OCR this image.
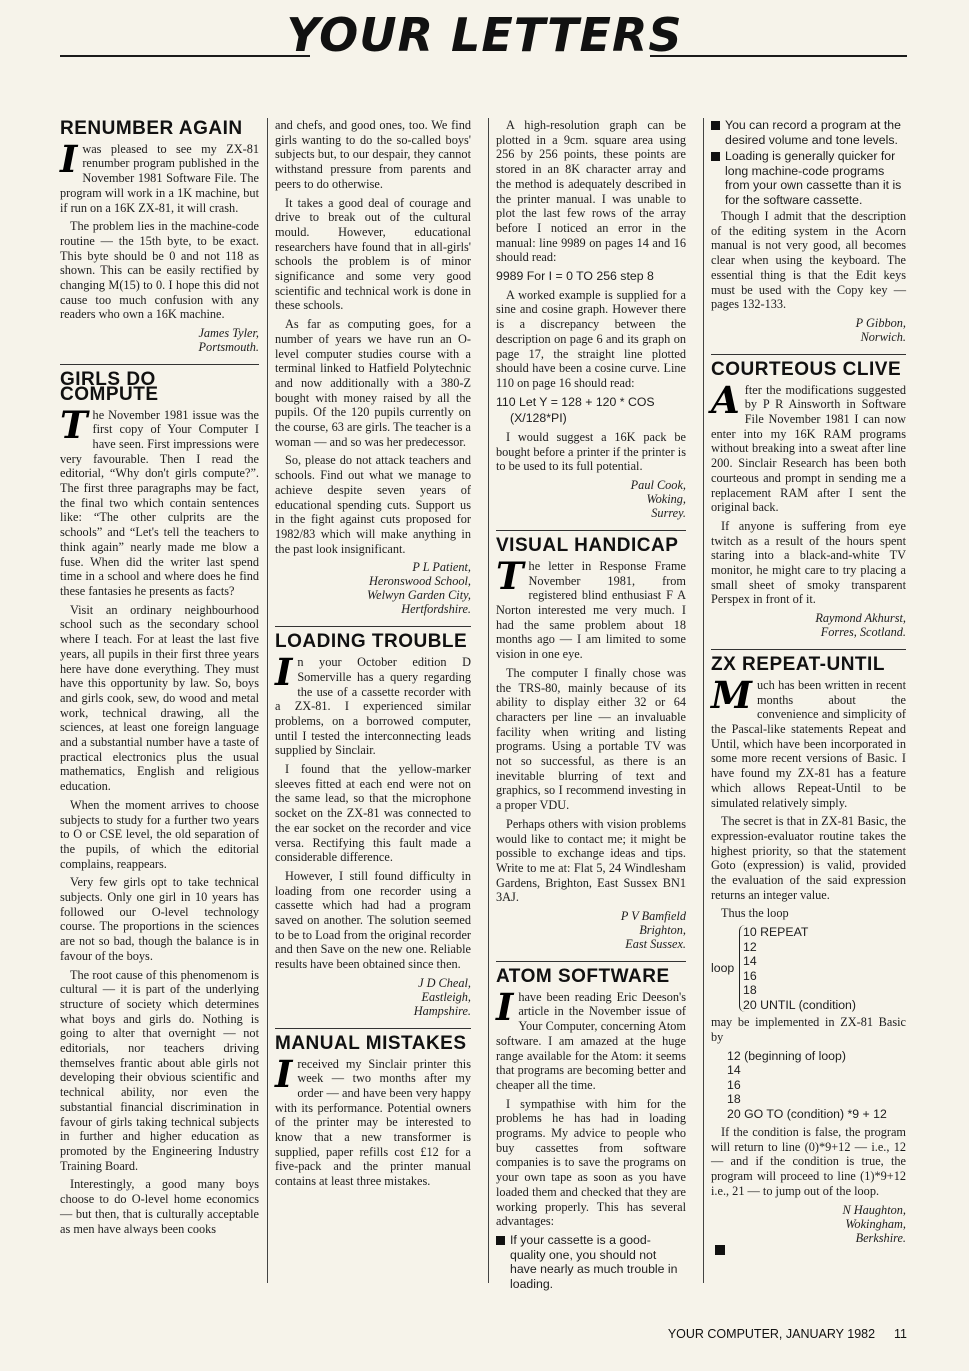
YOUR LETTERS
RENUMBER AGAIN
I was pleased to see my ZX-81 renumber program published in the November 1981 Software File. The program will work in a 1K machine, but if run on a 16K ZX-81, it will crash.

The problem lies in the machine-code routine — the 15th byte, to be exact. This byte should be 0 and not 118 as shown. This can be easily rectified by changing M(15) to 0. I hope this did not cause too much confusion with any readers who own a 16K machine.

James Tyler,
Portsmouth.
GIRLS DO COMPUTE
T he November 1981 issue was the first copy of Your Computer I have seen. First impressions were very favourable. Then I read the editorial, “Why don't girls compute?”. The first three paragraphs may be fact, the final two which contain sentences like: “The other culprits are the schools” and “Let's tell the teachers to think again” nearly made me blow a fuse. When did the writer last spend time in a school and where does he find these fantasies he presents as facts?

Visit an ordinary neighbourhood school such as the secondary school where I teach. For at least the last five years, all pupils in their first three years here have done everything. They must have this opportunity by law. So, boys and girls cook, sew, do wood and metal work, technical drawing, all the sciences, at least one foreign language and a substantial number have a taste of practical electronics plus the usual mathematics, English and religious education.

When the moment arrives to choose subjects to study for a further two years to O or CSE level, the old separation of the pupils, of which the editorial complains, reappears.

Very few girls opt to take technical subjects. Only one girl in 10 years has followed our O-level technology course. The proportions in the sciences are not so bad, though the balance is in favour of the boys.

The root cause of this phenomenom is cultural — it is part of the underlying structure of society which determines what boys and girls do. Nothing is going to alter that overnight — not editorials, nor teachers driving themselves frantic about able girls not developing their obvious scientific and technical ability, nor even the substantial financial discrimination in favour of girls taking technical subjects in further and higher education as promoted by the Engineering Industry Training Board.

Interestingly, a good many boys choose to do O-level home economics — but then, that is culturally acceptable as men have always been cooks

and chefs, and good ones, too. We find girls wanting to do the so-called boys' subjects but, to our despair, they cannot withstand pressure from parents and peers to do otherwise.

It takes a good deal of courage and drive to break out of the cultural mould. However, educational researchers have found that in all-girls' schools the problem is of minor significance and some very good scientific and technical work is done in these schools.

As far as computing goes, for a number of years we have run an O-level computer studies course with a terminal linked to Hatfield Polytechnic and now additionally with a 380-Z bought with money raised by all the pupils. Of the 120 pupils currently on the course, 63 are girls. The teacher is a woman — and so was her predecessor.

So, please do not attack teachers and schools. Find out what we manage to achieve despite seven years of educational spending cuts. Support us in the fight against cuts proposed for 1982/83 which will make anything in the past look insignificant.

P L Patient,
Heronswood School,
Welwyn Garden City,
Hertfordshire.
LOADING TROUBLE
I n your October edition D Somerville has a query regarding the use of a cassette recorder with a ZX-81. I experienced similar problems, on a borrowed computer, until I tested the interconnecting leads supplied by Sinclair.

I found that the yellow-marker sleeves fitted at each end were not on the same lead, so that the microphone socket on the ZX-81 was connected to the ear socket on the recorder and vice versa. Rectifying this fault made a considerable difference.

However, I still found difficulty in loading from one recorder using a cassette which had had a program saved on another. The solution seemed to be to Load from the original recorder and then Save on the new one. Reliable results have been obtained since then.

J D Cheal,
Eastleigh,
Hampshire.
MANUAL MISTAKES
I received my Sinclair printer this week — two months after my order — and have been very happy with its performance. Potential owners of the printer may be interested to know that a new transformer is supplied, paper refills cost £12 for a five-pack and the printer manual contains at least three mistakes.

A high-resolution graph can be plotted in a 9cm. square area using 256 by 256 points, these points are stored in an 8K character array and the method is adequately described in the printer manual. I was unable to plot the last few rows of the array before I noticed an error in the manual: line 9989 on pages 14 and 16 should read:

9989 For I = 0 TO 256 step 8

A worked example is supplied for a sine and cosine graph. However there is a discrepancy between the description on page 6 and its graph on page 17, the straight line plotted should have been a cosine curve. Line 110 on page 16 should read:

110 Let Y = 128 + 120 * COS
(X/128*PI)

I would suggest a 16K pack be bought before a printer if the printer is to be used to its full potential.

Paul Cook,
Woking,
Surrey.
VISUAL HANDICAP
T he letter in Response Frame November 1981, from registered blind enthusiast F A Norton interested me very much. I had the same problem about 18 months ago — I am limited to some vision in one eye.

The computer I finally chose was the TRS-80, mainly because of its ability to display either 32 or 64 characters per line — an invaluable facility when writing and listing programs. Using a portable TV was not so successful, as there is an inevitable blurring of text and graphics, so I recommend investing in a proper VDU.

Perhaps others with vision problems would like to contact me; it might be possible to exchange ideas and tips. Write to me at: Flat 5, 24 Windlesham Gardens, Brighton, East Sussex BN1 3AJ.

P V Bamfield
Brighton,
East Sussex.
ATOM SOFTWARE
I have been reading Eric Deeson's article in the November issue of Your Computer, concerning Atom software. I am amazed at the huge range available for the Atom: it seems that programs are becoming better and cheaper all the time.

I sympathise with him for the problems he has had in loading programs. My advice to people who buy cassettes from software companies is to save the programs on your own tape as soon as you have loaded them and checked that they are working properly. This has several advantages:

If your cassette is a good-quality one, you should not have nearly as much trouble in loading.
You can record a program at the desired volume and tone levels.
Loading is generally quicker for long machine-code programs from your own cassette than it is for the software cassette.

Though I admit that the description of the editing system in the Acorn manual is not very good, all becomes clear when using the keyboard. The essential thing is that the Edit keys must be used with the Copy key — pages 132-133.

P Gibbon,
Norwich.
COURTEOUS CLIVE
A fter the modifications suggested by P R Ainsworth in Software File November 1981 I can now enter into my 16K RAM programs without breaking into a sweat after line 200. Sinclair Research has been both courteous and prompt in sending me a replacement RAM after I sent the original back.

If anyone is suffering from eye twitch as a result of the hours spent staring into a black-and-white TV monitor, he might care to try placing a small sheet of smoky transparent Perspex in front of it.

Raymond Akhurst,
Forres, Scotland.
ZX REPEAT-UNTIL
M uch has been written in recent months about the convenience and simplicity of the Pascal-like statements Repeat and Until, which have been incorporated in some more recent versions of Basic. I have found my ZX-81 has a feature which allows Repeat-Until to be simulated relatively simply.

The secret is that in ZX-81 Basic, the expression-evaluator routine takes the highest priority, so that the statement Goto (expression) is valid, provided the evaluation of the said expression returns an integer value.

Thus the loop

loop
10 REPEAT
12
14
16
18
20 UNTIL (condition)

may be implemented in ZX-81 Basic by

12 (beginning of loop)
14
16
18
20 GO TO (condition) *9 + 12

If the condition is false, the program will return to line (0)*9+12 — i.e., 12 — and if the condition is true, the program will proceed to line (1)*9+12 i.e., 21 — to jump out of the loop.

N Haughton,
Wokingham,
Berkshire.
YOUR COMPUTER, JANUARY 1982 11
